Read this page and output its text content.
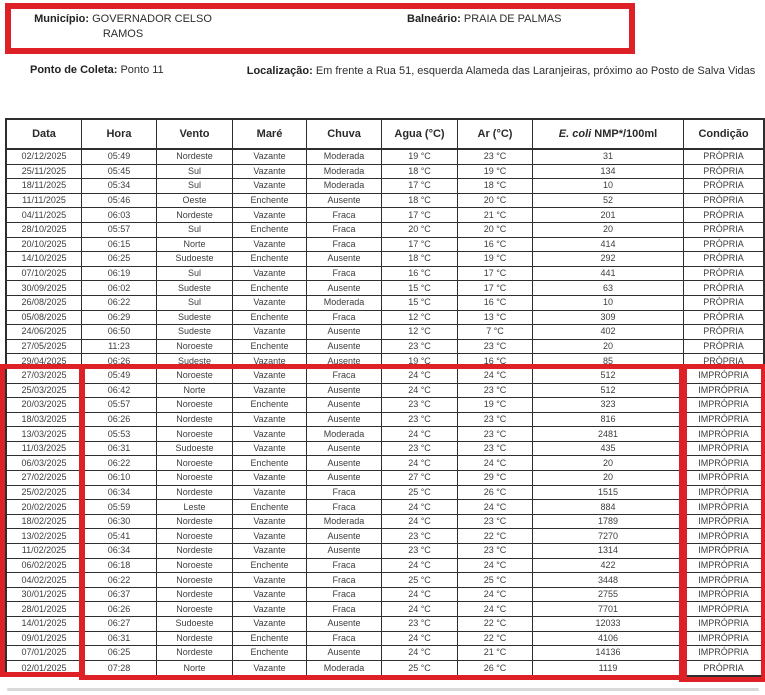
Município: GOVERNADOR CELSO RAMOS
Balneário: PRAIA DE PALMAS
Ponto de Coleta: Ponto 11	Localização: Em frente a Rua 51, esquerda Alameda das Laranjeiras, próximo ao Posto de Salva Vidas
Data	Hora	Vento	Maré	Chuva	Agua (°C)	Ar (°C)	E. coli NMP*/100ml	Condição
02/12/2025	05:49	Nordeste	Vazante	Moderada	19 °C	23 °C	31	PRÓPRIA
25/11/2025	05:45	Sul	Vazante	Moderada	18 °C	19 °C	134	PRÓPRIA
18/11/2025	05:34	Sul	Vazante	Moderada	17 °C	18 °C	10	PRÓPRIA
11/11/2025	05:46	Oeste	Enchente	Ausente	18 °C	20 °C	52	PRÓPRIA
04/11/2025	06:03	Nordeste	Vazante	Fraca	17 °C	21 °C	201	PRÓPRIA
28/10/2025	05:57	Sul	Enchente	Fraca	20 °C	20 °C	20	PRÓPRIA
20/10/2025	06:15	Norte	Vazante	Fraca	17 °C	16 °C	414	PRÓPRIA
14/10/2025	06:25	Sudoeste	Enchente	Ausente	18 °C	19 °C	292	PRÓPRIA
07/10/2025	06:19	Sul	Vazante	Fraca	16 °C	17 °C	441	PRÓPRIA
30/09/2025	06:02	Sudeste	Enchente	Ausente	15 °C	17 °C	63	PRÓPRIA
26/08/2025	06:22	Sul	Vazante	Moderada	15 °C	16 °C	10	PRÓPRIA
05/08/2025	06:29	Sudeste	Enchente	Fraca	12 °C	13 °C	309	PRÓPRIA
24/06/2025	06:50	Sudeste	Vazante	Ausente	12 °C	7 °C	402	PRÓPRIA
27/05/2025	11:23	Noroeste	Enchente	Ausente	23 °C	23 °C	20	PRÓPRIA
29/04/2025	06:26	Sudeste	Vazante	Ausente	19 °C	16 °C	85	PRÓPRIA
27/03/2025	05:49	Noroeste	Vazante	Fraca	24 °C	24 °C	512	IMPRÓPRIA
25/03/2025	06:42	Norte	Vazante	Ausente	24 °C	23 °C	512	IMPRÓPRIA
20/03/2025	05:57	Noroeste	Enchente	Ausente	23 °C	19 °C	323	IMPRÓPRIA
18/03/2025	06:26	Nordeste	Vazante	Ausente	23 °C	23 °C	816	IMPRÓPRIA
13/03/2025	05:53	Noroeste	Vazante	Moderada	24 °C	23 °C	2481	IMPRÓPRIA
11/03/2025	06:31	Sudoeste	Vazante	Ausente	23 °C	23 °C	435	IMPRÓPRIA
06/03/2025	06:22	Noroeste	Enchente	Ausente	24 °C	24 °C	20	IMPRÓPRIA
27/02/2025	06:10	Noroeste	Vazante	Ausente	27 °C	29 °C	20	IMPRÓPRIA
25/02/2025	06:34	Nordeste	Vazante	Fraca	25 °C	26 °C	1515	IMPRÓPRIA
20/02/2025	05:59	Leste	Enchente	Fraca	24 °C	24 °C	884	IMPRÓPRIA
18/02/2025	06:30	Nordeste	Vazante	Moderada	24 °C	23 °C	1789	IMPRÓPRIA
13/02/2025	05:41	Noroeste	Vazante	Ausente	23 °C	22 °C	7270	IMPRÓPRIA
11/02/2025	06:34	Nordeste	Vazante	Ausente	23 °C	23 °C	1314	IMPRÓPRIA
06/02/2025	06:18	Noroeste	Enchente	Fraca	24 °C	24 °C	422	IMPRÓPRIA
04/02/2025	06:22	Noroeste	Vazante	Fraca	25 °C	25 °C	3448	IMPRÓPRIA
30/01/2025	06:37	Nordeste	Vazante	Fraca	24 °C	24 °C	2755	IMPRÓPRIA
28/01/2025	06:26	Noroeste	Vazante	Fraca	24 °C	24 °C	7701	IMPRÓPRIA
14/01/2025	06:27	Sudoeste	Vazante	Ausente	23 °C	22 °C	12033	IMPRÓPRIA
09/01/2025	06:31	Nordeste	Enchente	Fraca	24 °C	22 °C	4106	IMPRÓPRIA
07/01/2025	06:25	Nordeste	Enchente	Ausente	24 °C	21 °C	14136	IMPRÓPRIA
02/01/2025	07:28	Norte	Vazante	Moderada	25 °C	26 °C	1119	PRÓPRIA
